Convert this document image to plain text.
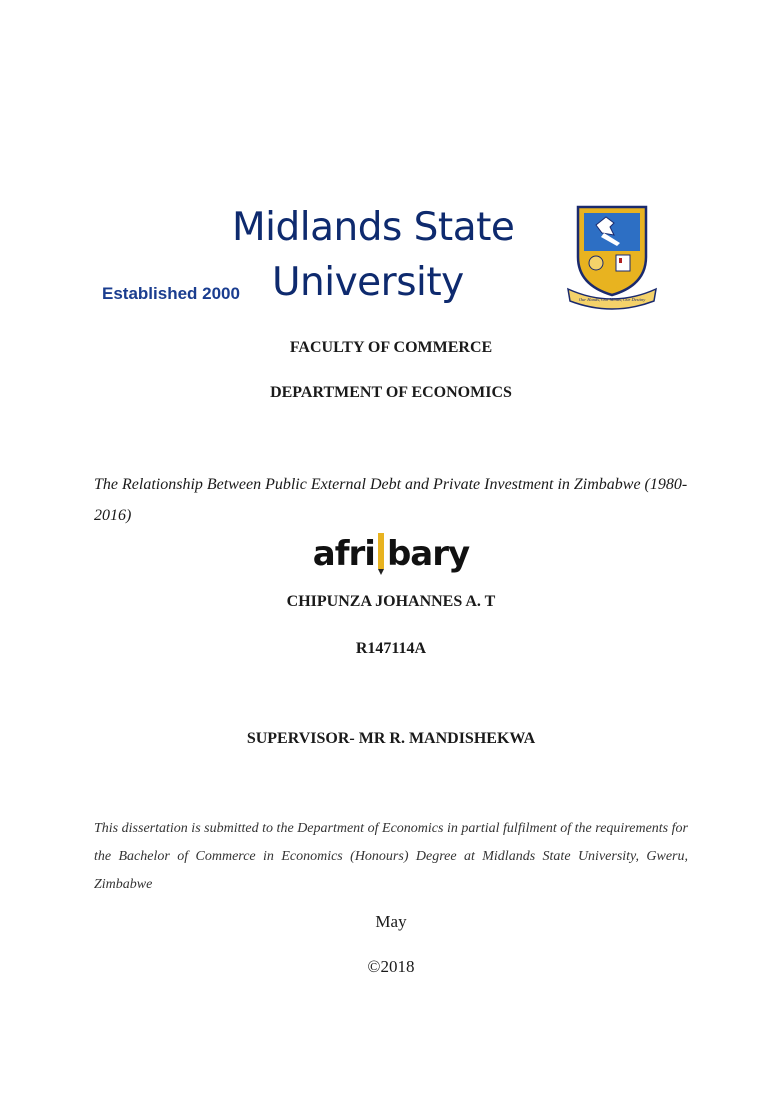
Midlands State
University
Established 2000	Our Hands, Our Minds, Our Destiny
FACULTY OF COMMERCE
DEPARTMENT OF ECONOMICS
The Relationship Between Public External Debt and Private Investment in Zimbabwe (1980-2016)
afri bary
CHIPUNZA JOHANNES A. T
R147114A
SUPERVISOR- MR R. MANDISHEKWA
This dissertation is submitted to the Department of Economics in partial fulfilment of the requirements for the Bachelor of Commerce in Economics (Honours) Degree at Midlands State University, Gweru, Zimbabwe
May
©2018
